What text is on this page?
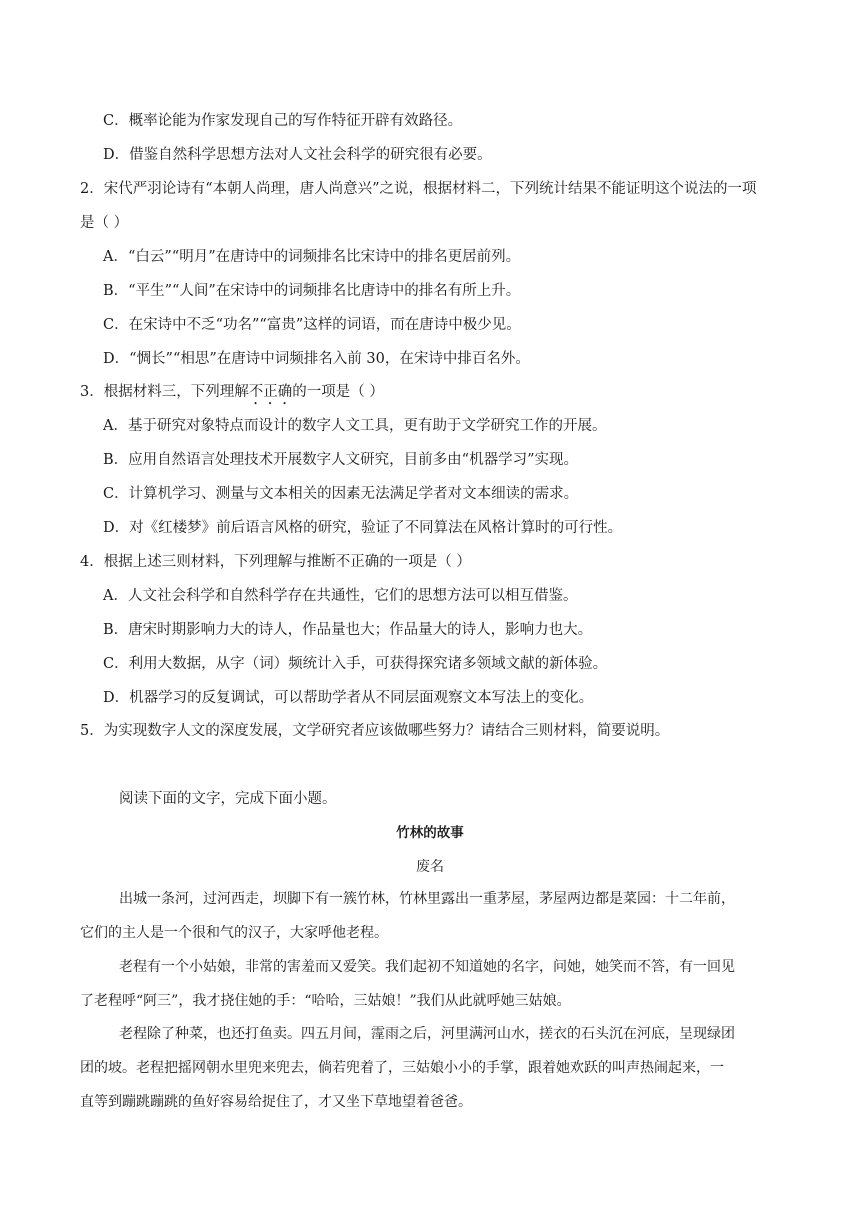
C．概率论能为作家发现自己的写作特征开辟有效路径。
D．借鉴自然科学思想方法对人文社会科学的研究很有必要。
2．宋代严羽论诗有“本朝人尚理，唐人尚意兴”之说，根据材料二，下列统计结果不能证明这个说法的一项
是（ ）
A．“白云”“明月”在唐诗中的词频排名比宋诗中的排名更居前列。
B．“平生”“人间”在宋诗中的词频排名比唐诗中的排名有所上升。
C．在宋诗中不乏“功名”“富贵”这样的词语，而在唐诗中极少见。
D．“惆长”“相思”在唐诗中词频排名入前 30，在宋诗中排百名外。
3．根据材料三，下列理解不正确的一项是（ ）
A．基于研究对象特点而设计的数字人文工具，更有助于文学研究工作的开展。
B．应用自然语言处理技术开展数字人文研究，目前多由“机器学习”实现。
C．计算机学习、测量与文本相关的因素无法满足学者对文本细读的需求。
D．对《红楼梦》前后语言风格的研究，验证了不同算法在风格计算时的可行性。
4．根据上述三则材料，下列理解与推断不正确的一项是（ ）
A．人文社会科学和自然科学存在共通性，它们的思想方法可以相互借鉴。
B．唐宋时期影响力大的诗人，作品量也大；作品量大的诗人，影响力也大。
C．利用大数据，从字（词）频统计入手，可获得探究诸多领域文献的新体验。
D．机器学习的反复调试，可以帮助学者从不同层面观察文本写法上的变化。
5．为实现数字人文的深度发展，文学研究者应该做哪些努力？请结合三则材料，简要说明。
阅读下面的文字，完成下面小题。
竹林的故事
废名
出城一条河，过河西走，坝脚下有一簇竹林，竹林里露出一重茅屋，茅屋两边都是菜园：十二年前，
它们的主人是一个很和气的汉子，大家呼他老程。
老程有一个小姑娘，非常的害羞而又爱笑。我们起初不知道她的名字，问她，她笑而不答，有一回见
了老程呼“阿三”，我才挠住她的手：“哈哈，三姑娘！”我们从此就呼她三姑娘。
老程除了种菜，也还打鱼卖。四五月间，霪雨之后，河里满河山水，搓衣的石头沉在河底，呈现绿团
团的坡。老程把摇网朝水里兜来兜去，倘若兜着了，三姑娘小小的手掌，跟着她欢跃的叫声热闹起来，一
直等到蹦跳蹦跳的鱼好容易给捉住了，才又坐下草地望着爸爸。
